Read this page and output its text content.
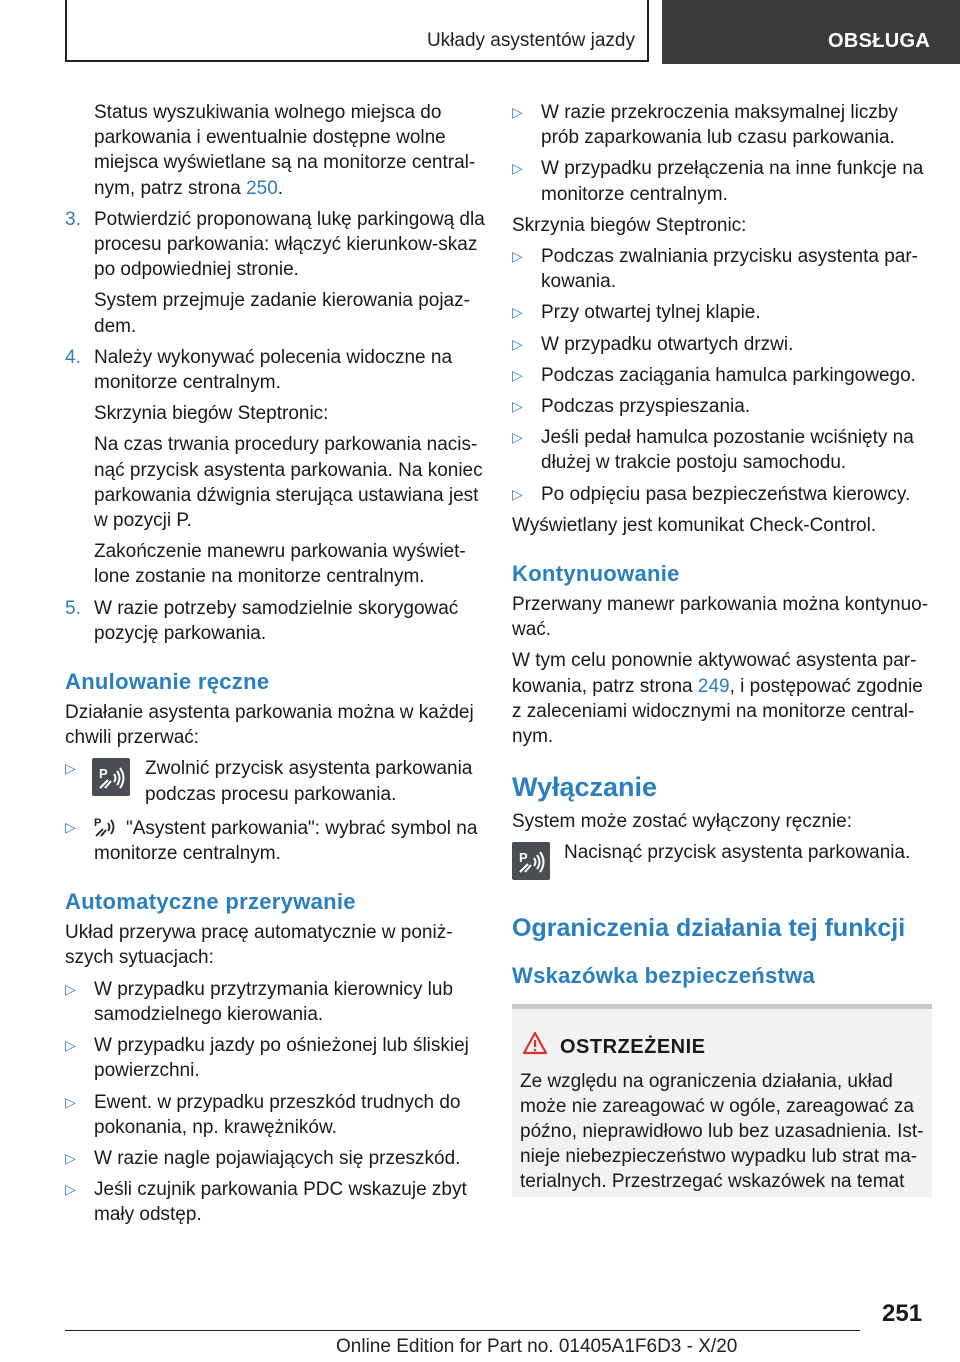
Układy asystentów jazdy	OBSŁUGA
Status wyszukiwania wolnego miejsca do
parkowania i ewentualnie dostępne wolne
miejsca wyświetlane są na monitorze central-
nym, patrz strona 250.
3. Potwierdzić proponowaną lukę parkingową dla procesu parkowania: włączyć kierunkow-skaz po odpowiedniej stronie.
System przejmuje zadanie kierowania pojaz-dem.
4. Należy wykonywać polecenia widoczne na monitorze centralnym.
Skrzynia biegów Steptronic:
Na czas trwania procedury parkowania nacis-nąć przycisk asystenta parkowania. Na koniec parkowania dźwignia sterująca ustawiana jest w pozycji P.
Zakończenie manewru parkowania wyświet-lone zostanie na monitorze centralnym.
5. W razie potrzeby samodzielnie skorygować pozycję parkowania.
Anulowanie ręczne
Działanie asystenta parkowania można w każdej chwili przerwać:
▷ P Zwolnić przycisk asystenta parkowania podczas procesu parkowania.
▷ P "Asystent parkowania": wybrać symbol na monitorze centralnym.
Automatyczne przerywanie
Układ przerywa pracę automatycznie w poniż-szych sytuacjach:
▷ W przypadku przytrzymania kierownicy lub samodzielnego kierowania.
▷ W przypadku jazdy po ośnieżonej lub śliskiej powierzchni.
▷ Ewent. w przypadku przeszkód trudnych do pokonania, np. krawężników.
▷ W razie nagle pojawiających się przeszkód.
▷ Jeśli czujnik parkowania PDC wskazuje zbyt mały odstęp.
▷ W razie przekroczenia maksymalnej liczby prób zaparkowania lub czasu parkowania.
▷ W przypadku przełączenia na inne funkcje na monitorze centralnym.
Skrzynia biegów Steptronic:
▷ Podczas zwalniania przycisku asystenta par-kowania.
▷ Przy otwartej tylnej klapie.
▷ W przypadku otwartych drzwi.
▷ Podczas zaciągania hamulca parkingowego.
▷ Podczas przyspieszania.
▷ Jeśli pedał hamulca pozostanie wciśnięty na dłużej w trakcie postoju samochodu.
▷ Po odpięciu pasa bezpieczeństwa kierowcy.
Wyświetlany jest komunikat Check-Control.
Kontynuowanie
Przerwany manewr parkowania można kontynuo-wać.
W tym celu ponownie aktywować asystenta par-kowania, patrz strona 249, i postępować zgodnie z zaleceniami widocznymi na monitorze central-nym.
Wyłączanie
System może zostać wyłączony ręcznie:
P Nacisnąć przycisk asystenta parkowania.
Ograniczenia działania tej funkcji
Wskazówka bezpieczeństwa
OSTRZEŻENIE
Ze względu na ograniczenia działania, układ może nie zareagować w ogóle, zareagować za późno, nieprawidłowo lub bez uzasadnienia. Ist-nieje niebezpieczeństwo wypadku lub strat ma-terialnych. Przestrzegać wskazówek na temat
251
Online Edition for Part no. 01405A1F6D3 - X/20
